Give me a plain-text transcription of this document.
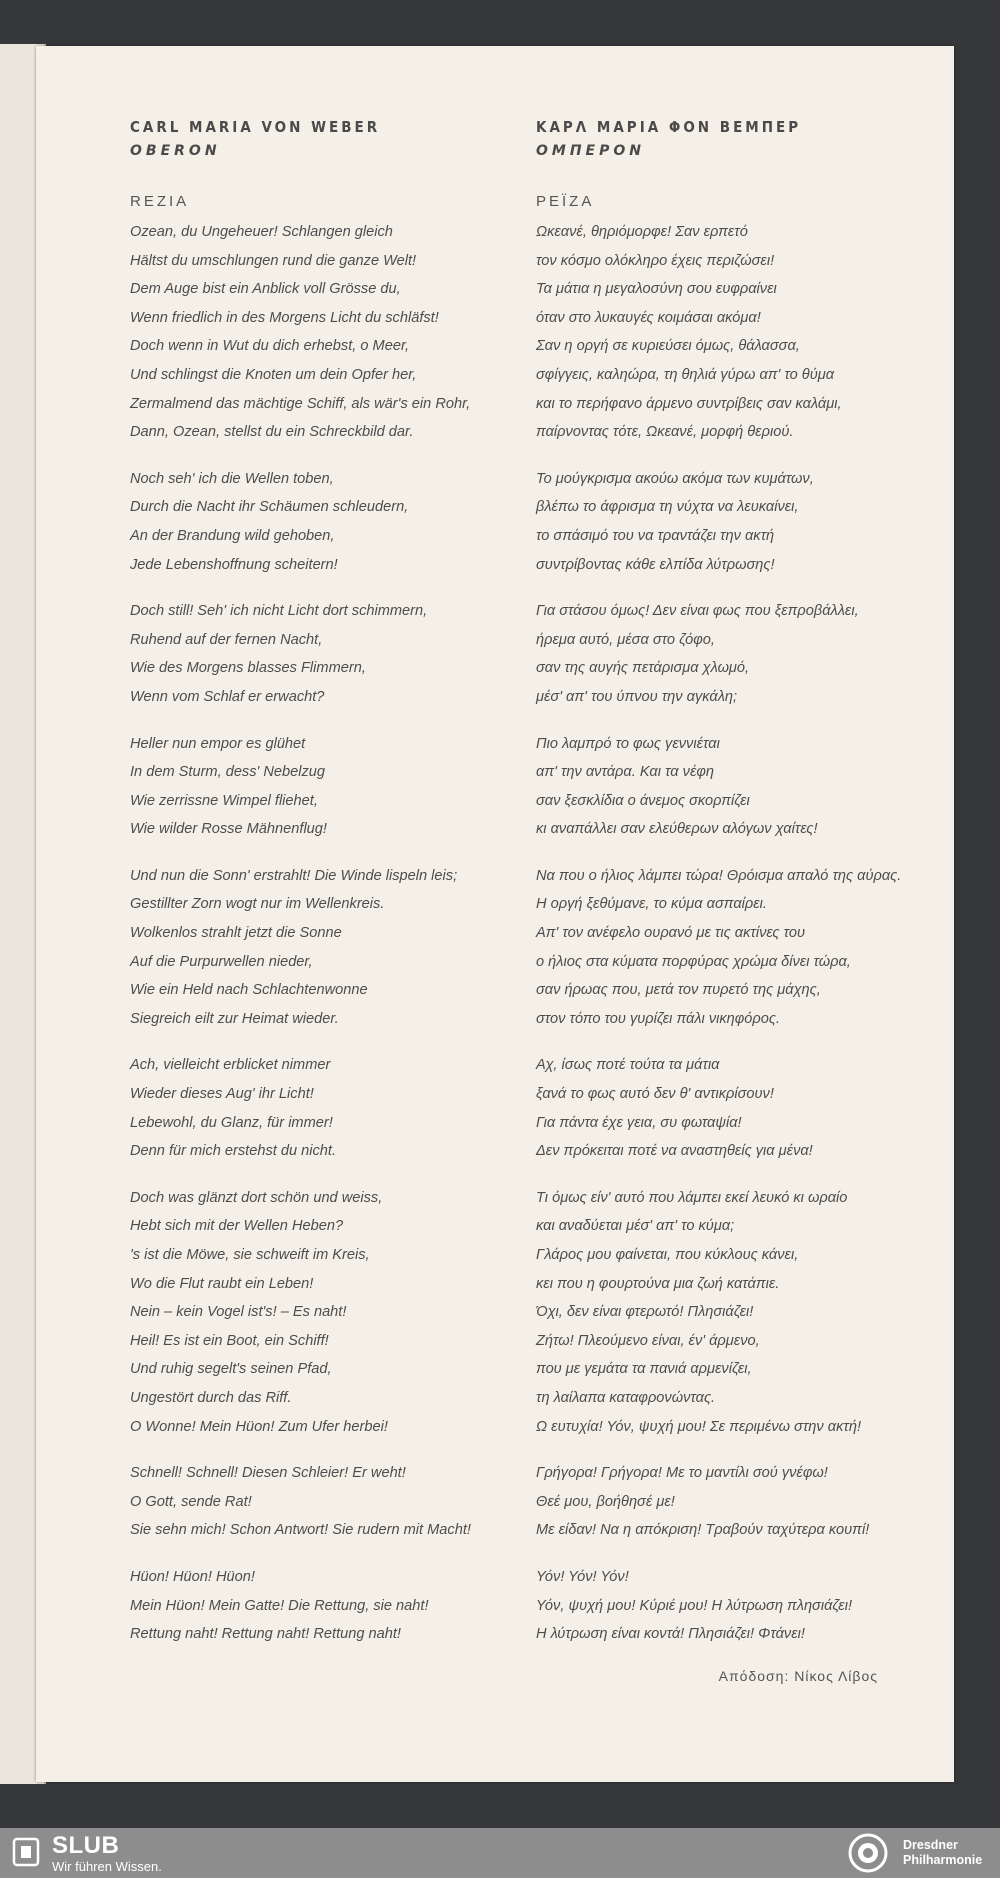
CARL MARIA VON WEBER
OBERON
REZIA
Ozean, du Ungeheuer! Schlangen gleich
Hältst du umschlungen rund die ganze Welt!
Dem Auge bist ein Anblick voll Grösse du,
Wenn friedlich in des Morgens Licht du schläfst!
Doch wenn in Wut du dich erhebst, o Meer,
Und schlingst die Knoten um dein Opfer her,
Zermalmend das mächtige Schiff, als wär's ein Rohr,
Dann, Ozean, stellst du ein Schreckbild dar.
Noch seh' ich die Wellen toben,
Durch die Nacht ihr Schäumen schleudern,
An der Brandung wild gehoben,
Jede Lebenshoffnung scheitern!
Doch still! Seh' ich nicht Licht dort schimmern,
Ruhend auf der fernen Nacht,
Wie des Morgens blasses Flimmern,
Wenn vom Schlaf er erwacht?
Heller nun empor es glühet
In dem Sturm, dess' Nebelzug
Wie zerrissne Wimpel fliehet,
Wie wilder Rosse Mähnenflug!
Und nun die Sonn' erstrahlt! Die Winde lispeln leis;
Gestillter Zorn wogt nur im Wellenkreis.
Wolkenlos strahlt jetzt die Sonne
Auf die Purpurwellen nieder,
Wie ein Held nach Schlachtenwonne
Siegreich eilt zur Heimat wieder.
Ach, vielleicht erblicket nimmer
Wieder dieses Aug' ihr Licht!
Lebewohl, du Glanz, für immer!
Denn für mich erstehst du nicht.
Doch was glänzt dort schön und weiss,
Hebt sich mit der Wellen Heben?
's ist die Möwe, sie schweift im Kreis,
Wo die Flut raubt ein Leben!
Nein – kein Vogel ist's! – Es naht!
Heil! Es ist ein Boot, ein Schiff!
Und ruhig segelt's seinen Pfad,
Ungestört durch das Riff.
O Wonne! Mein Hüon! Zum Ufer herbei!
Schnell! Schnell! Diesen Schleier! Er weht!
O Gott, sende Rat!
Sie sehn mich! Schon Antwort! Sie rudern mit Macht!
Hüon! Hüon! Hüon!
Mein Hüon! Mein Gatte! Die Rettung, sie naht!
Rettung naht! Rettung naht! Rettung naht!
ΚΑΡΛ ΜΑΡΙΑ ΦΟΝ ΒΕΜΠΕΡ
ΟΜΠΕΡΟΝ
ΡΕΪΖΑ
Ωκεανέ, θηριόμορφε! Σαν ερπετό
τον κόσμο ολόκληρο έχεις περιζώσει!
Τα μάτια η μεγαλοσύνη σου ευφραίνει
όταν στο λυκαυγές κοιμάσαι ακόμα!
Σαν η οργή σε κυριεύσει όμως, θάλασσα,
σφίγγεις, καληώρα, τη θηλιά γύρω απ' το θύμα
και το περήφανο άρμενο συντρίβεις σαν καλάμι,
παίρνοντας τότε, Ωκεανέ, μορφή θεριού.
Το μούγκρισμα ακούω ακόμα των κυμάτων,
βλέπω το άφρισμα τη νύχτα να λευκαίνει,
το σπάσιμό του να τραντάζει την ακτή
συντρίβοντας κάθε ελπίδα λύτρωσης!
Για στάσου όμως! Δεν είναι φως που ξεπροβάλλει,
ήρεμα αυτό, μέσα στο ζόφο,
σαν της αυγής πετάρισμα χλωμό,
μέσ' απ' του ύπνου την αγκάλη;
Πιο λαμπρό το φως γεννιέται
απ' την αντάρα. Και τα νέφη
σαν ξεσκλίδια ο άνεμος σκορπίζει
κι αναπάλλει σαν ελεύθερων αλόγων χαίτες!
Να που ο ήλιος λάμπει τώρα! Θρόισμα απαλό της αύρας.
Η οργή ξεθύμανε, το κύμα ασπαίρει.
Απ' τον ανέφελο ουρανό με τις ακτίνες του
ο ήλιος στα κύματα πορφύρας χρώμα δίνει τώρα,
σαν ήρωας που, μετά τον πυρετό της μάχης,
στον τόπο του γυρίζει πάλι νικηφόρος.
Αχ, ίσως ποτέ τούτα τα μάτια
ξανά το φως αυτό δεν θ' αντικρίσουν!
Για πάντα έχε γεια, συ φωταψία!
Δεν πρόκειται ποτέ να αναστηθείς για μένα!
Τι όμως είν' αυτό που λάμπει εκεί λευκό κι ωραίο
και αναδύεται μέσ' απ' το κύμα;
Γλάρος μου φαίνεται, που κύκλους κάνει,
κει που η φουρτούνα μια ζωή κατάπιε.
Όχι, δεν είναι φτερωτό! Πλησιάζει!
Ζήτω! Πλεούμενο είναι, έν' άρμενο,
που με γεμάτα τα πανιά αρμενίζει,
τη λαίλαπα καταφρονώντας.
Ω ευτυχία! Υόν, ψυχή μου! Σε περιμένω στην ακτή!
Γρήγορα! Γρήγορα! Με το μαντίλι σού γνέφω!
Θεέ μου, βοήθησέ με!
Με είδαν! Να η απόκριση! Τραβούν ταχύτερα κουπί!
Υόν! Υόν! Υόν!
Υόν, ψυχή μου! Κύριέ μου! Η λύτρωση πλησιάζει!
Η λύτρωση είναι κοντά! Πλησιάζει! Φτάνει!
Απόδοση: Νίκος Λίβος
SLUB
Wir führen Wissen.
Dresdner
Philharmonie
